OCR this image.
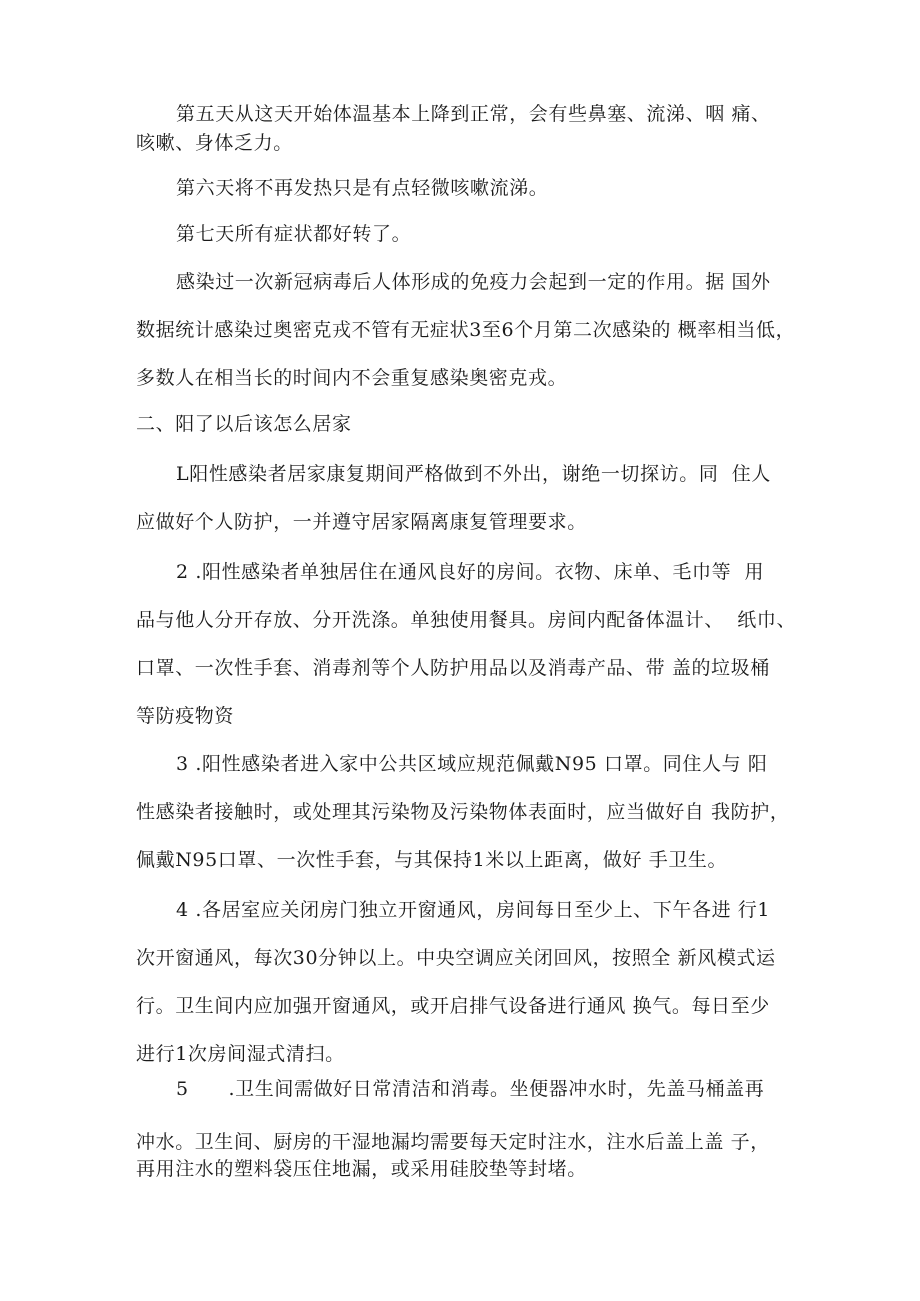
第五天从这天开始体温基本上降到正常，会有些鼻塞、流涕、咽 痛、

咳嗽、身体乏力。

第六天将不再发热只是有点轻微咳嗽流涕。

第七天所有症状都好转了。

感染过一次新冠病毒后人体形成的免疫力会起到一定的作用。据 国外

数据统计感染过奥密克戎不管有无症状3至6个月第二次感染的 概率相当低，

多数人在相当长的时间内不会重复感染奥密克戎。

二、阳了以后该怎么居家

L阳性感染者居家康复期间严格做到不外出，谢绝一切探访。同  住人

应做好个人防护，一并遵守居家隔离康复管理要求。

2 .阳性感染者单独居住在通风良好的房间。衣物、床单、毛巾等  用

品与他人分开存放、分开洗涤。单独使用餐具。房间内配备体温计、  纸巾、

口罩、一次性手套、消毒剂等个人防护用品以及消毒产品、带 盖的垃圾桶

等防疫物资

3 .阳性感染者进入家中公共区域应规范佩戴N95 口罩。同住人与 阳

性感染者接触时，或处理其污染物及污染物体表面时，应当做好自 我防护，

佩戴N95口罩、一次性手套，与其保持1米以上距离，做好 手卫生。

4 .各居室应关闭房门独立开窗通风，房间每日至少上、下午各进 行1

次开窗通风，每次30分钟以上。中央空调应关闭回风，按照全 新风模式运

行。卫生间内应加强开窗通风，或开启排气设备进行通风 换气。每日至少

进行1次房间湿式清扫。

5      .卫生间需做好日常清洁和消毒。坐便器冲水时，先盖马桶盖再

冲水。卫生间、厨房的干湿地漏均需要每天定时注水，注水后盖上盖 子，

再用注水的塑料袋压住地漏，或采用硅胶垫等封堵。
